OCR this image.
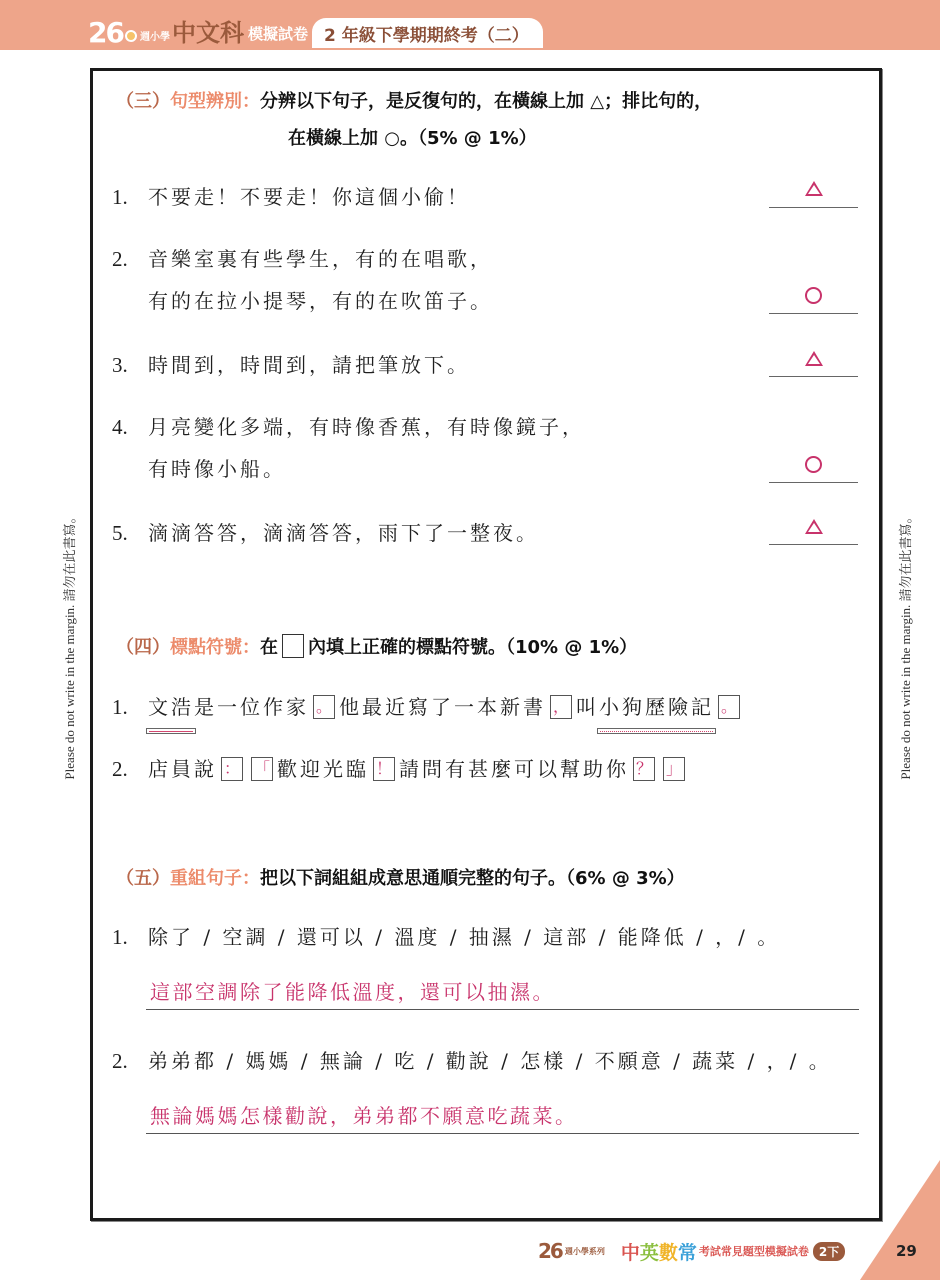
26 週小學 中文科 模擬試卷 2 年級下學期期終考（二）
Please do not write in the margin. 請勿在此書寫。	Please do not write in the margin. 請勿在此書寫。
（三）句型辨別：分辨以下句子，是反復句的，在橫線上加 △；排比句的，
在橫線上加 ○。（5% @ 1%）
1. 不要走！不要走！你這個小偷！
2. 音樂室裏有些學生，有的在唱歌，
有的在拉小提琴，有的在吹笛子。
3. 時間到，時間到，請把筆放下。
4. 月亮變化多端，有時像香蕉，有時像鏡子，
有時像小船。
5. 滴滴答答，滴滴答答，雨下了一整夜。
（四）標點符號：在 內填上正確的標點符號。（10% @ 1%）
1. 文浩
是一位作家 。 他最近寫了一本新書 ， 叫小狗歷險記 。
2. 店員說 ： 「 歡迎光臨 ！ 請問有甚麼可以幫助你 ？ 」
（五）重組句子：把以下詞組組成意思通順完整的句子。（6% @ 3%）
1. 除了 / 空調 / 還可以 / 溫度 / 抽濕 / 這部 / 能降低 / ，/ 。
這部空調除了能降低溫度，還可以抽濕。
2. 弟弟都 / 媽媽 / 無論 / 吃 / 勸說 / 怎樣 / 不願意 / 蔬菜 / ，/ 。
無論媽媽怎樣勸說，弟弟都不願意吃蔬菜。
26 週小學系列 中 英 數 常 考試常見題型模擬試卷 2下	29
